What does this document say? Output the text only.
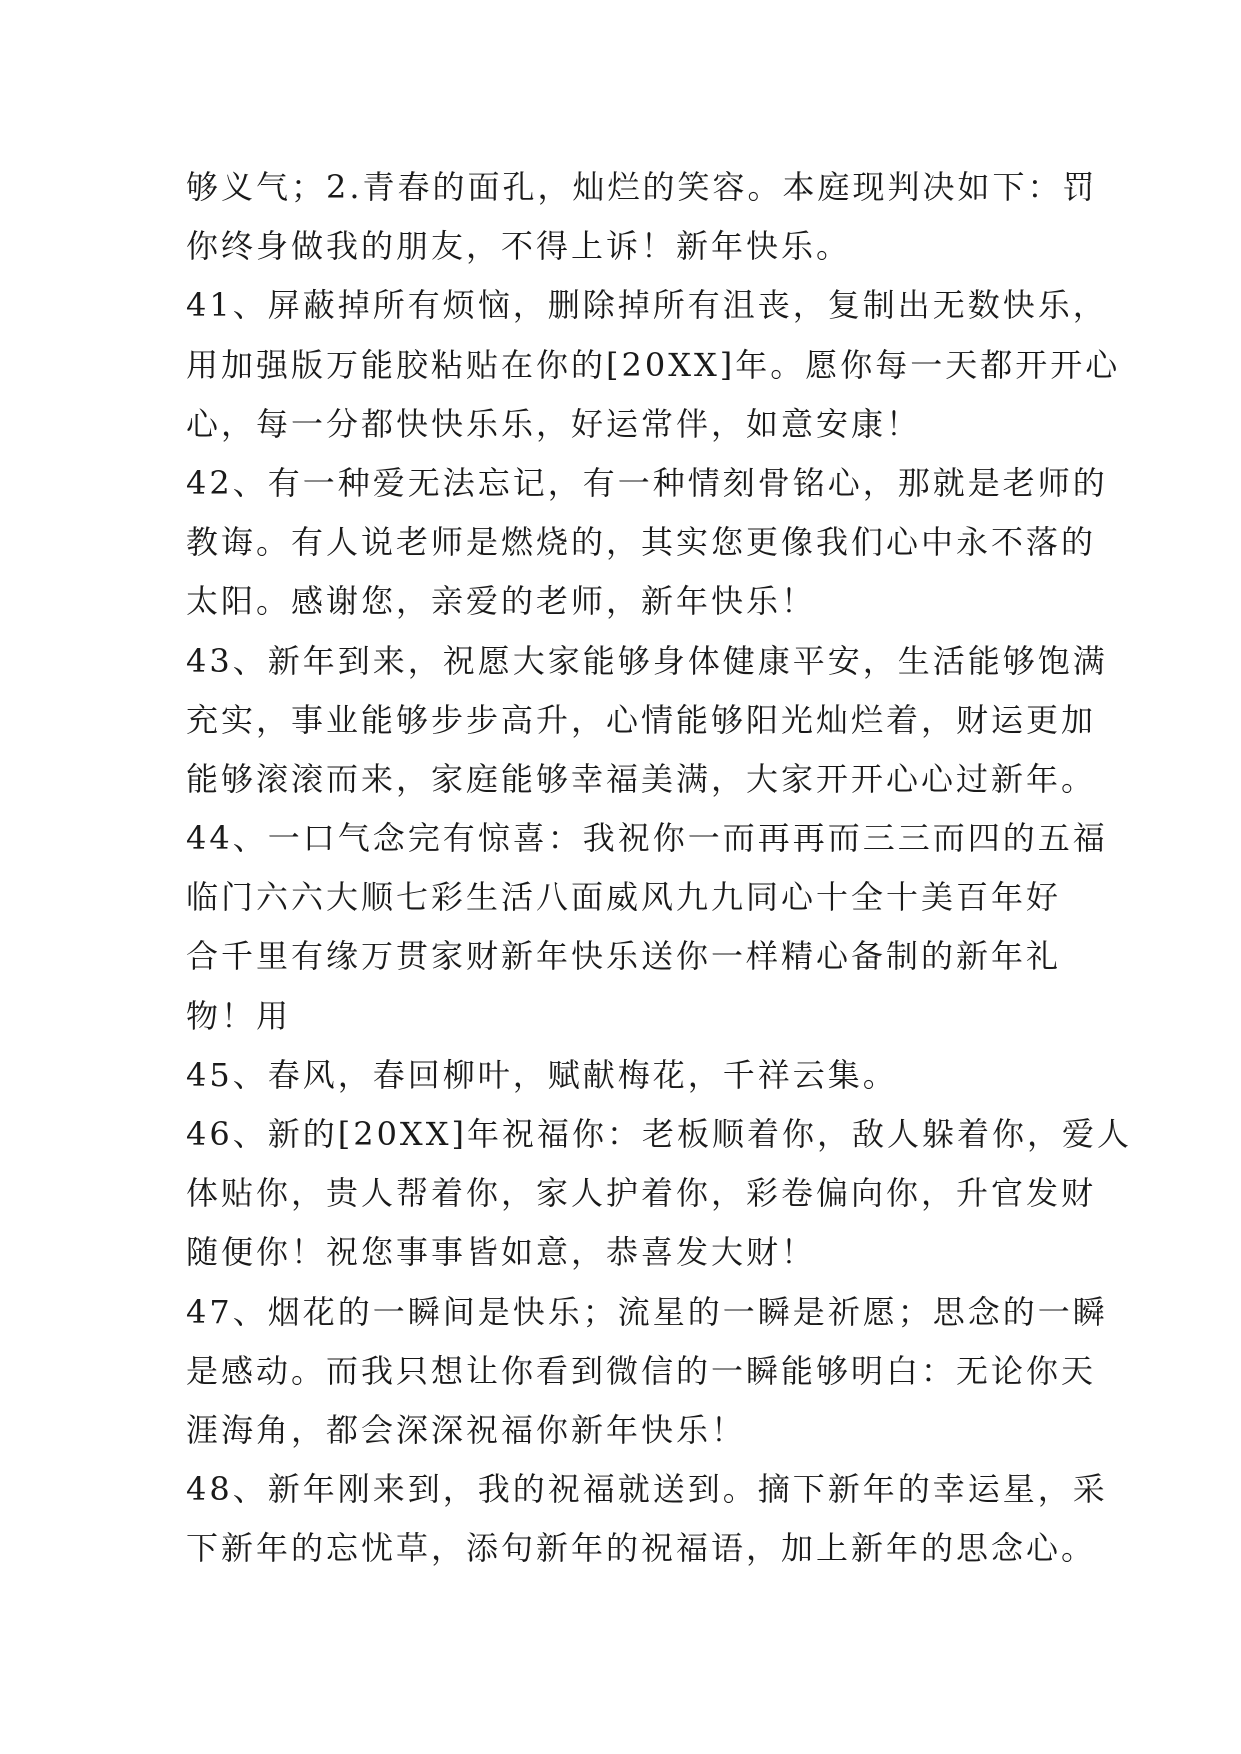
够义气；2.青春的面孔，灿烂的笑容。本庭现判决如下：罚
你终身做我的朋友，不得上诉！新年快乐。
41、屏蔽掉所有烦恼，删除掉所有沮丧，复制出无数快乐，
用加强版万能胶粘贴在你的[20XX]年。愿你每一天都开开心
心，每一分都快快乐乐，好运常伴，如意安康！
42、有一种爱无法忘记，有一种情刻骨铭心，那就是老师的
教诲。有人说老师是燃烧的，其实您更像我们心中永不落的
太阳。感谢您，亲爱的老师，新年快乐！
43、新年到来，祝愿大家能够身体健康平安，生活能够饱满
充实，事业能够步步高升，心情能够阳光灿烂着，财运更加
能够滚滚而来，家庭能够幸福美满，大家开开心心过新年。
44、一口气念完有惊喜：我祝你一而再再而三三而四的五福
临门六六大顺七彩生活八面威风九九同心十全十美百年好
合千里有缘万贯家财新年快乐送你一样精心备制的新年礼
物！用
45、春风，春回柳叶，赋献梅花，千祥云集。
46、新的[20XX]年祝福你：老板顺着你，敌人躲着你，爱人
体贴你，贵人帮着你，家人护着你，彩卷偏向你，升官发财
随便你！祝您事事皆如意，恭喜发大财！
47、烟花的一瞬间是快乐；流星的一瞬是祈愿；思念的一瞬
是感动。而我只想让你看到微信的一瞬能够明白：无论你天
涯海角，都会深深祝福你新年快乐！
48、新年刚来到，我的祝福就送到。摘下新年的幸运星，采
下新年的忘忧草，添句新年的祝福语，加上新年的思念心。
